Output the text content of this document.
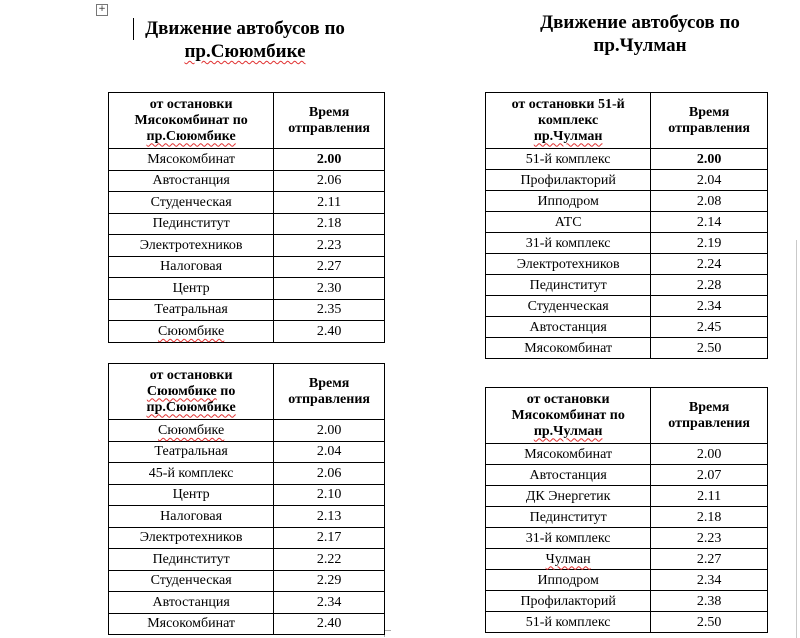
+
Движение автобусов по
пр.Сююмбике
Движение автобусов по
пр.Чулман
от остановки
Мясокомбинат по
пр.Сююмбике	Время отправления
Мясокомбинат	2.00
Автостанция	2.06
Студенческая	2.11
Пединститут	2.18
Электротехников	2.23
Налоговая	2.27
Центр	2.30
Театральная	2.35
Сююмбике	2.40
от остановки
Сююмбике по
пр.Сююмбике	Время отправления
Сююмбике	2.00
Театральная	2.04
45-й комплекс	2.06
Центр	2.10
Налоговая	2.13
Электротехников	2.17
Пединститут	2.22
Студенческая	2.29
Автостанция	2.34
Мясокомбинат	2.40
от остановки 51-й
комплекс
пр.Чулман	Время отправления
51-й комплекс	2.00
Профилакторий	2.04
Ипподром	2.08
АТС	2.14
31-й комплекс	2.19
Электротехников	2.24
Пединститут	2.28
Студенческая	2.34
Автостанция	2.45
Мясокомбинат	2.50
от остановки
Мясокомбинат по
пр.Чулман	Время отправления
Мясокомбинат	2.00
Автостанция	2.07
ДК Энергетик	2.11
Пединститут	2.18
31-й комплекс	2.23
Чулман	2.27
Ипподром	2.34
Профилакторий	2.38
51-й комплекс	2.50
